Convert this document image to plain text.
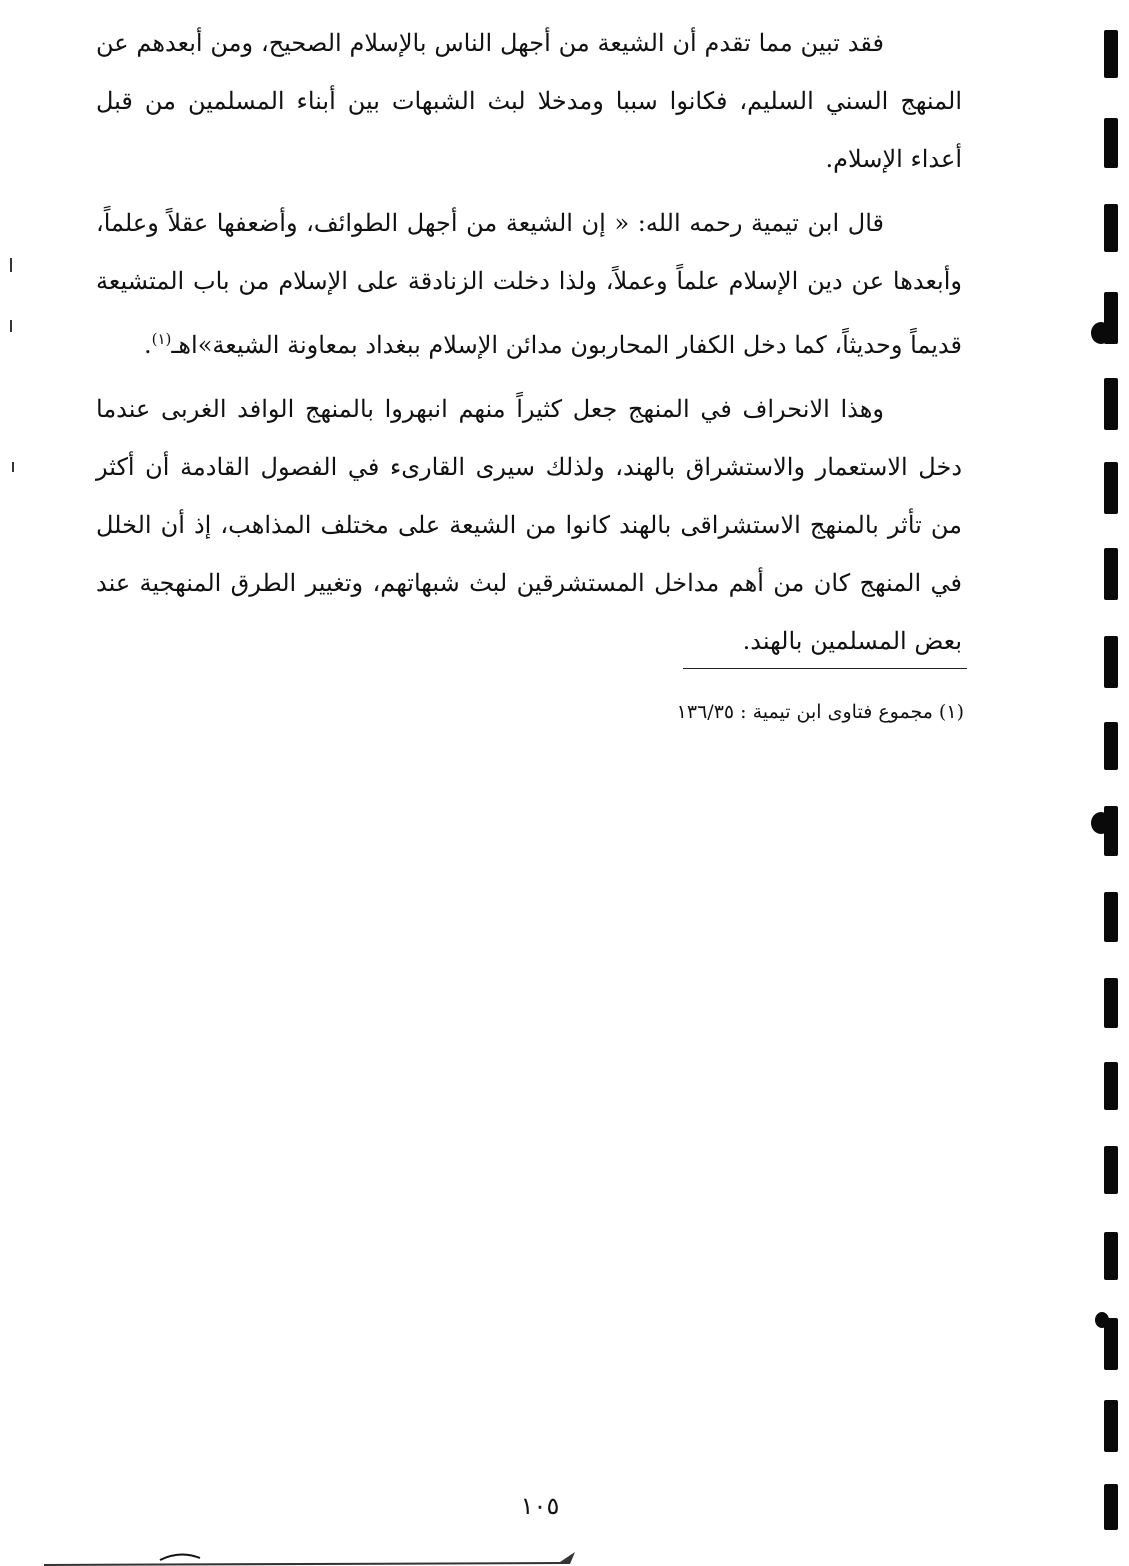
فقد تبين مما تقدم أن الشيعة من أجهل الناس بالإسلام الصحيح، ومن أبعدهم عن المنهج السني السليم، فكانوا سببا ومدخلا لبث الشبهات بين أبناء المسلمين من قبل أعداء الإسلام.

قال ابن تيمية رحمه الله: « إن الشيعة من أجهل الطوائف، وأضعفها عقلاً وعلماً، وأبعدها عن دين الإسلام علماً وعملاً، ولذا دخلت الزنادقة على الإسلام من باب المتشيعة قديماً وحديثاً، كما دخل الكفار المحاربون مدائن الإسلام ببغداد بمعاونة الشيعة»اهـ$^{(١)}$.

وهذا الانحراف في المنهج جعل كثيراً منهم انبهروا بالمنهج الوافد الغربى عندما دخل الاستعمار والاستشراق بالهند، ولذلك سيرى القارىء في الفصول القادمة أن أكثر من تأثر بالمنهج الاستشراقى بالهند كانوا من الشيعة على مختلف المذاهب، إذ أن الخلل في المنهج كان من أهم مداخل المستشرقين لبث شبهاتهم، وتغيير الطرق المنهجية عند بعض المسلمين بالهند.

(١) مجموع فتاوى ابن تيمية : ١٣٦/٣٥
١٠٥
